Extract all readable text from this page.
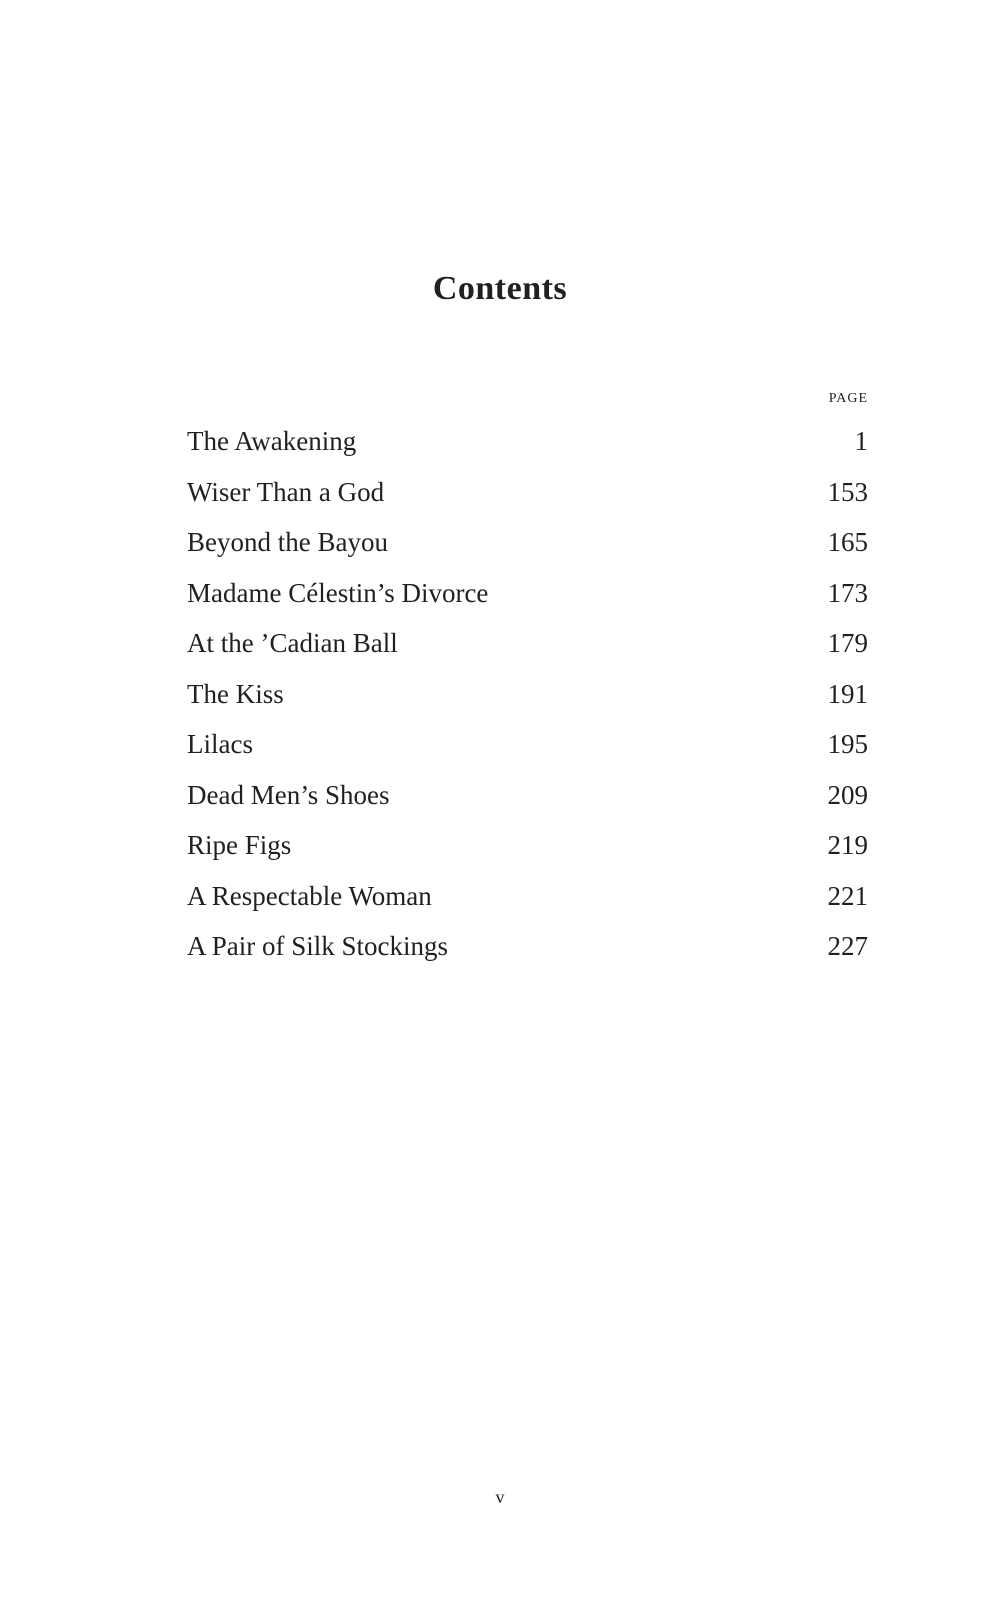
Contents
PAGE
The Awakening	1
Wiser Than a God	153
Beyond the Bayou	165
Madame Célestin’s Divorce	173
At the ’Cadian Ball	179
The Kiss	191
Lilacs	195
Dead Men’s Shoes	209
Ripe Figs	219
A Respectable Woman	221
A Pair of Silk Stockings	227
v
